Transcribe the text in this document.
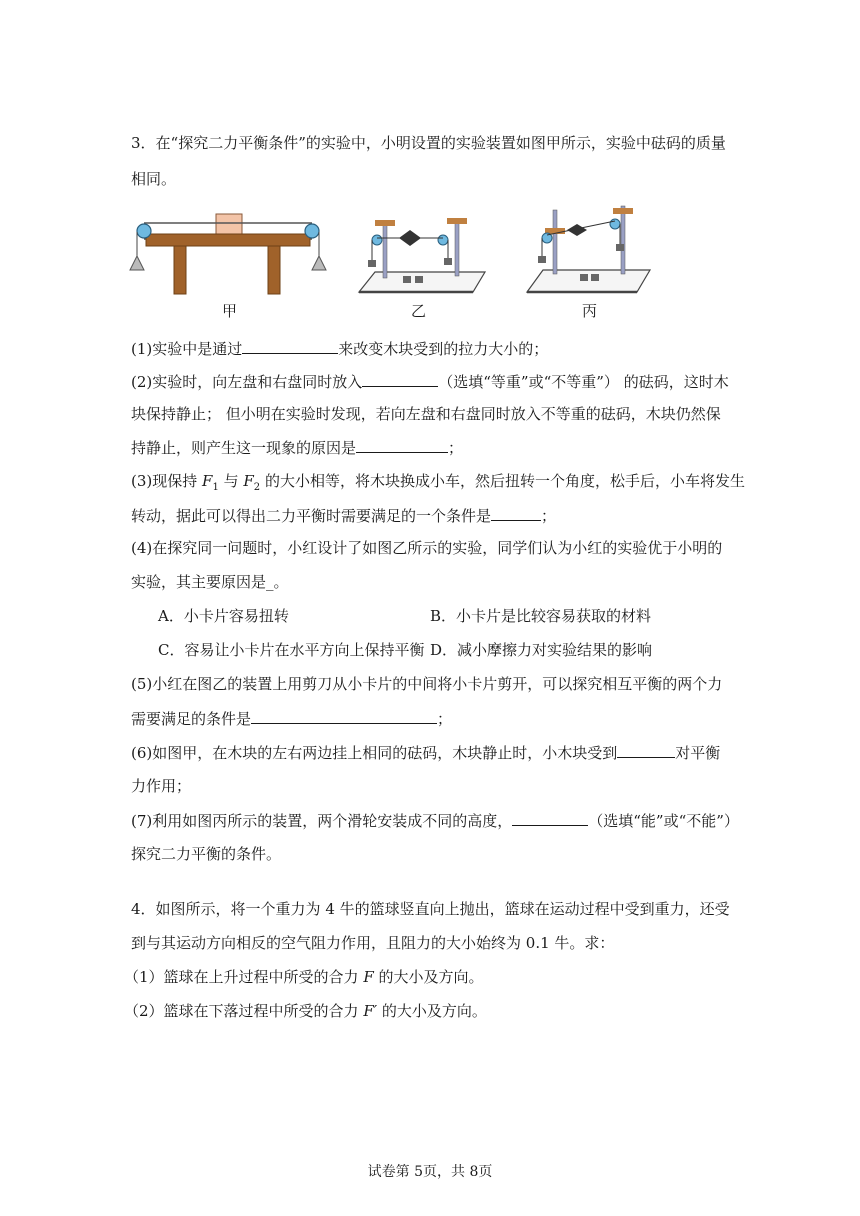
3．在“探究二力平衡条件”的实验中，小明设置的实验装置如图甲所示，实验中砝码的质量
相同。
甲	乙	丙
(1)实验中是通过	来改变木块受到的拉力大小的；
(2)实验时，向左盘和右盘同时放入	（选填“等重”或“不等重”） 的砝码，这时木
块保持静止； 但小明在实验时发现，若向左盘和右盘同时放入不等重的砝码，木块仍然保
持静止，则产生这一现象的原因是	；
(3)现保持 $F_1$ 与 $F_2$ 的大小相等，将木块换成小车，然后扭转一个角度，松手后，小车将发生
转动，据此可以得出二力平衡时需要满足的一个条件是	；
(4)在探究同一问题时，小红设计了如图乙所示的实验，同学们认为小红的实验优于小明的
实验，其主要原因是_。
A．小卡片容易扭转	B．小卡片是比较容易获取的材料
C．容易让小卡片在水平方向上保持平衡 D．减小摩擦力对实验结果的影响
(5)小红在图乙的装置上用剪刀从小卡片的中间将小卡片剪开，可以探究相互平衡的两个力
需要满足的条件是	；
(6)如图甲，在木块的左右两边挂上相同的砝码，木块静止时，小木块受到	对平衡
力作用；
(7)利用如图丙所示的装置，两个滑轮安装成不同的高度，	（选填“能”或“不能”）
探究二力平衡的条件。
4．如图所示，将一个重力为 4 牛的篮球竖直向上抛出，篮球在运动过程中受到重力，还受
到与其运动方向相反的空气阻力作用，且阻力的大小始终为 0.1 牛。求：
（1）篮球在上升过程中所受的合力 F 的大小及方向。
（2）篮球在下落过程中所受的合力 F′ 的大小及方向。
试卷第 5页，共 8页
